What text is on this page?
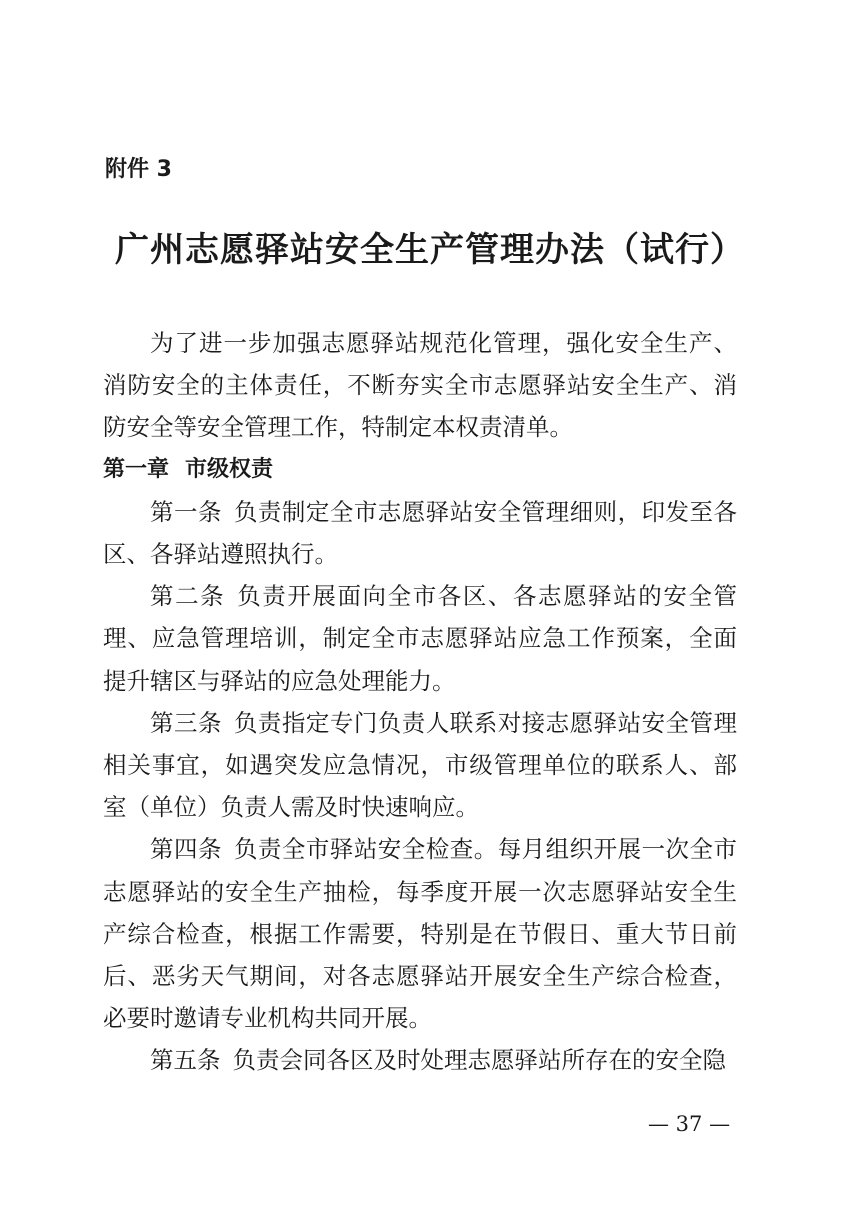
附件 3
广州志愿驿站安全生产管理办法（试行）

为了进一步加强志愿驿站规范化管理，强化安全生产、消防安全的主体责任，不断夯实全市志愿驿站安全生产、消防安全等安全管理工作，特制定本权责清单。

第一章 市级权责

第一条 负责制定全市志愿驿站安全管理细则，印发至各区、各驿站遵照执行。

第二条 负责开展面向全市各区、各志愿驿站的安全管理、应急管理培训，制定全市志愿驿站应急工作预案，全面提升辖区与驿站的应急处理能力。

第三条 负责指定专门负责人联系对接志愿驿站安全管理相关事宜，如遇突发应急情况，市级管理单位的联系人、部室（单位）负责人需及时快速响应。

第四条 负责全市驿站安全检查。每月组织开展一次全市志愿驿站的安全生产抽检，每季度开展一次志愿驿站安全生产综合检查，根据工作需要，特别是在节假日、重大节日前后、恶劣天气期间，对各志愿驿站开展安全生产综合检查，必要时邀请专业机构共同开展。

第五条 负责会同各区及时处理志愿驿站所存在的安全隐

— 37 —
